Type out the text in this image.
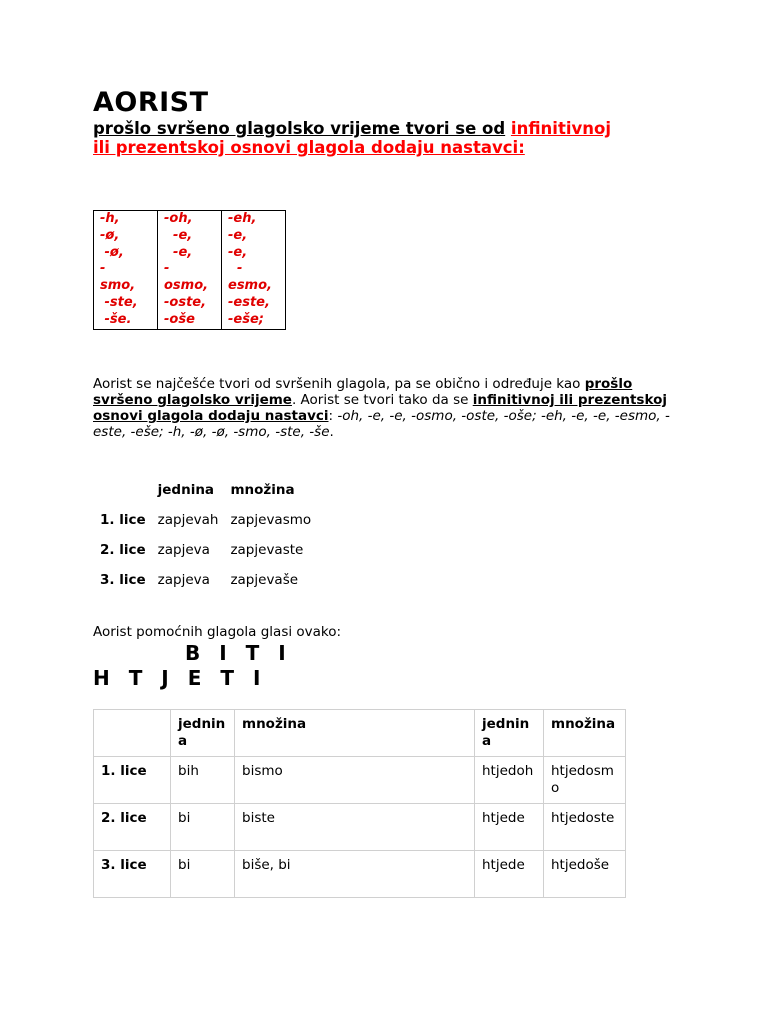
AORIST

prošlo svršeno glagolsko vrijeme tvori se od infinitivnoj ili prezentskoj osnovi glagola dodaju nastavci:

-h,
-ø,
-ø,
-
smo,
-ste,
-še.	-oh,
-e,
-e,
-
osmo,
-oste,
-oše	-eh,
-e,
-e,
-
esmo,
-este,
-eše;

Aorist se najčešće tvori od svršenih glagola, pa se obično i određuje kao prošlo svršeno glagolsko vrijeme. Aorist se tvori tako da se infinitivnoj ili prezentskoj osnovi glagola dodaju nastavci: -oh, -e, -e, -osmo, -oste, -oše; -eh, -e, -e, -esmo, -este, -eše; -h, -ø, -ø, -smo, -ste, -še.

	jednina	množina
1. lice	zapjevah	zapjevasmo
2. lice	zapjeva	zapjevaste
3. lice	zapjeva	zapjevaše

Aorist pomoćnih glagola glasi ovako:

B I T I

H T J E T I

	jednina	množina	jednina	množina
1. lice	bih	bismo	htjedoh	htjedosmo
2. lice	bi	biste	htjede	htjedoste
3. lice	bi	biše, bi	htjede	htjedoše
